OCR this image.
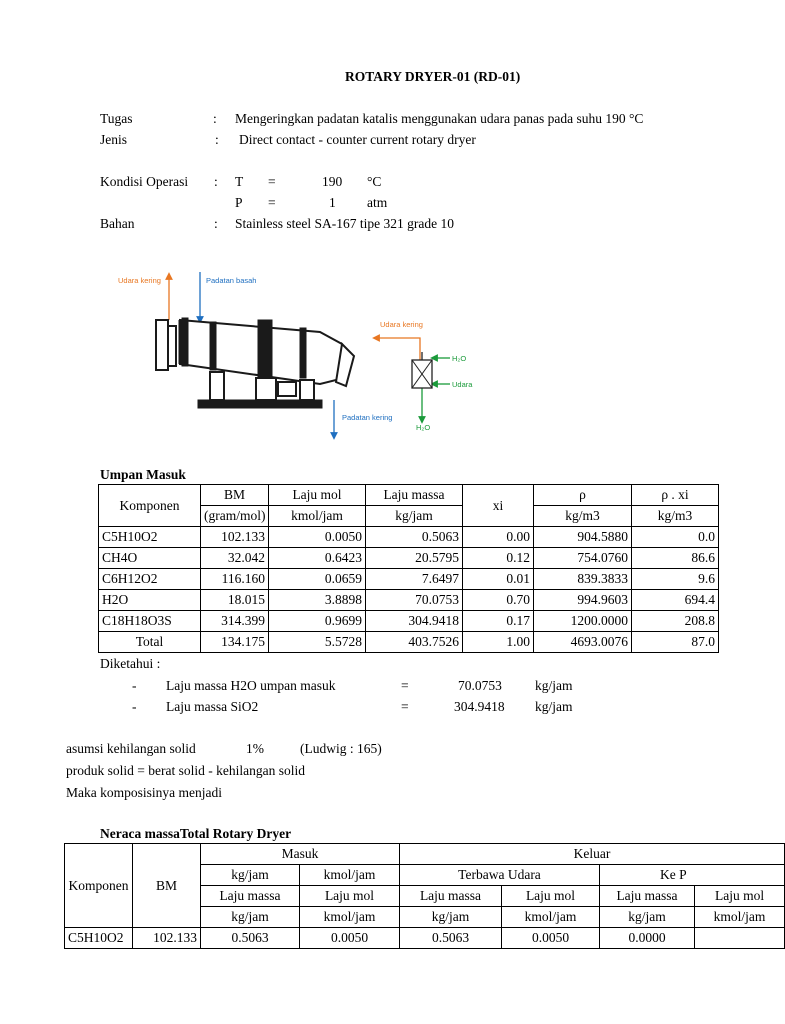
ROTARY DRYER-01 (RD-01)
Tugas	: Mengeringkan padatan katalis menggunakan udara panas pada suhu 190 °C
Jenis	: Direct contact - counter current rotary dryer
Kondisi Operasi : T =	190 °C
P =	1 atm
Bahan	: Stainless steel SA-167 tipe 321 grade 10
Udara kering	Padatan basah
Udara kering
H₂O
Udara
Padatan kering
H₂O
Umpan Masuk
Komponen	BM	Laju mol	Laju massa	xi	ρ	ρ . xi
	(gram/mol)	kmol/jam	kg/jam		kg/m3	kg/m3
C5H10O2	102.133	0.0050	0.5063	0.00	904.5880	0.0
CH4O	32.042	0.6423	20.5795	0.12	754.0760	86.6
C6H12O2	116.160	0.0659	7.6497	0.01	839.3833	9.6
H2O	18.015	3.8898	70.0753	0.70	994.9603	694.4
C18H18O3S	314.399	0.9699	304.9418	0.17	1200.0000	208.8
Total	134.175	5.5728	403.7526	1.00	4693.0076	87.0
Diketahui :
- Laju massa H2O umpan masuk	=	70.0753 kg/jam
- Laju massa SiO2	=	304.9418 kg/jam
asumsi kehilangan solid	1%	(Ludwig : 165)
produk solid = berat solid - kehilangan solid
Maka komposisinya menjadi
Neraca massaTotal Rotary Dryer
Komponen	BM	Masuk		Keluar			
		kg/jam	kmol/jam	Terbawa Udara		Ke P	
		Laju massa	Laju mol	Laju massa	Laju mol	Laju massa	Laju mol
		kg/jam	kmol/jam	kg/jam	kmol/jam	kg/jam	kmol/jam
C5H10O2	102.133	0.5063	0.0050	0.5063	0.0050	0.0000	
